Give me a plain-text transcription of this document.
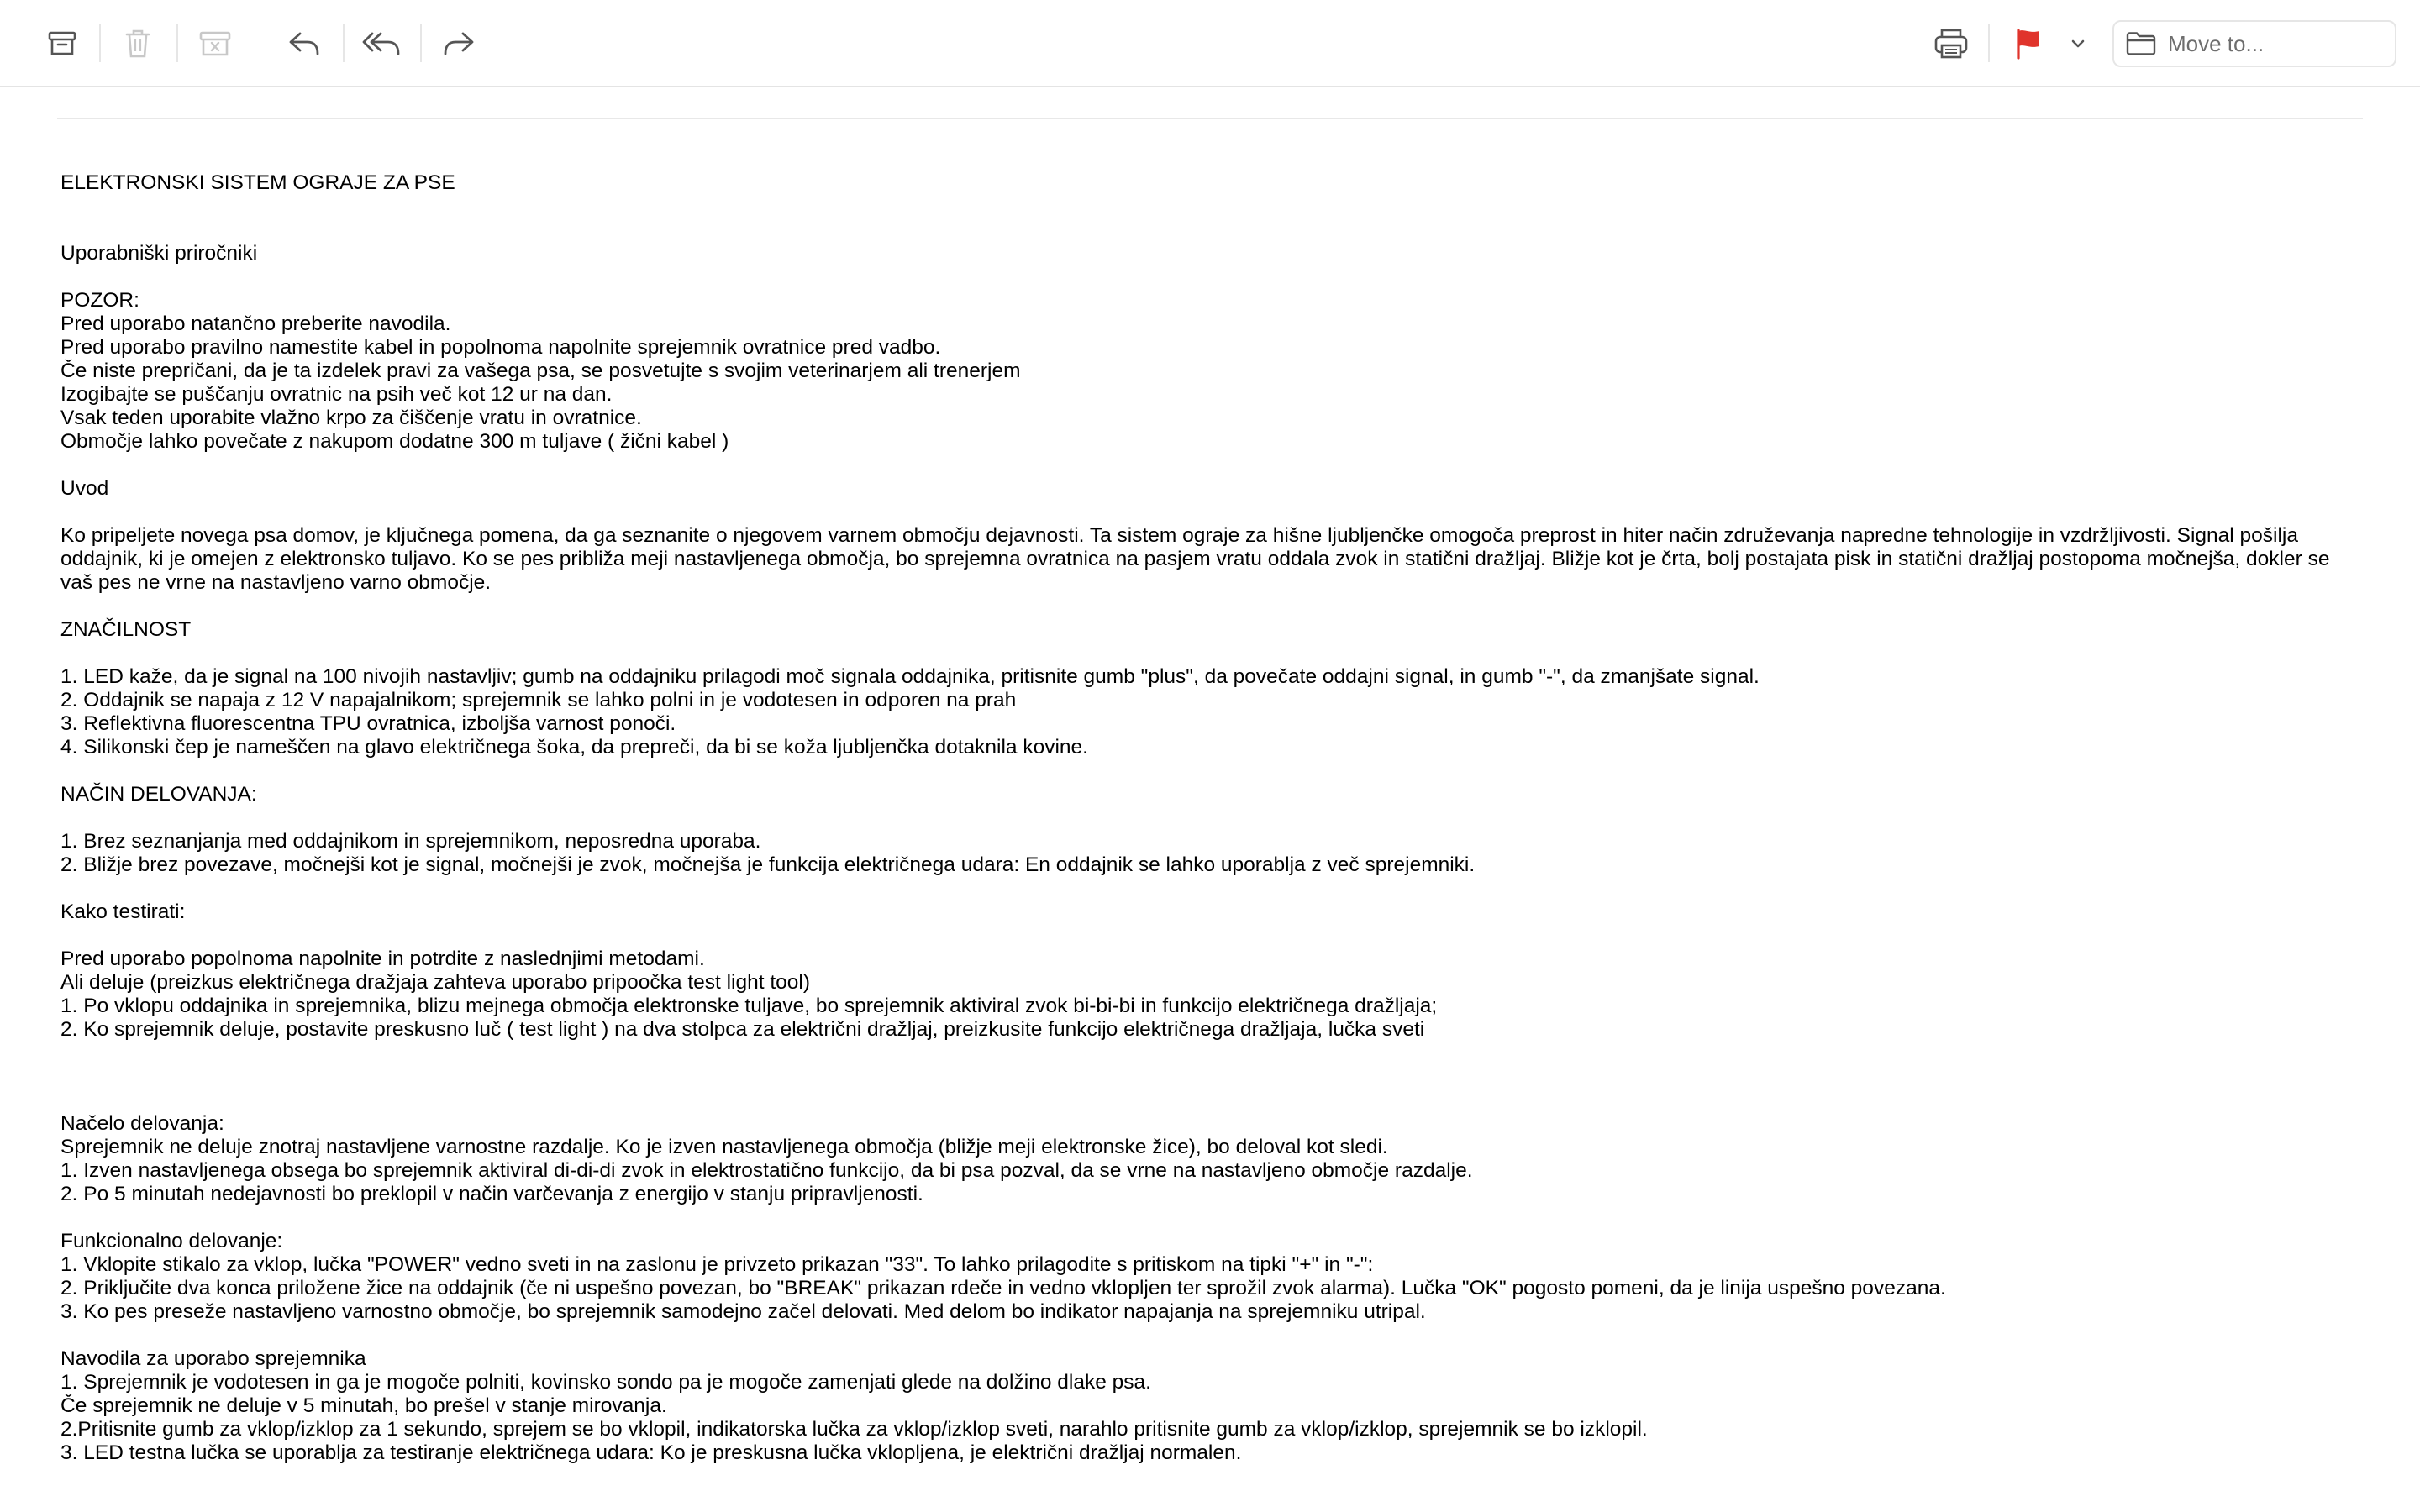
Move to...
ELEKTRONSKI SISTEM OGRAJE ZA PSE
Uporabniški priročniki
POZOR:
Pred uporabo natančno preberite navodila.
Pred uporabo pravilno namestite kabel in popolnoma napolnite sprejemnik ovratnice pred vadbo.
Če niste prepričani, da je ta izdelek pravi za vašega psa, se posvetujte s svojim veterinarjem ali trenerjem
Izogibajte se puščanju ovratnic na psih več kot 12 ur na dan.
Vsak teden uporabite vlažno krpo za čiščenje vratu in ovratnice.
Območje lahko povečate z nakupom dodatne 300 m tuljave ( žični kabel )
Uvod
Ko pripeljete novega psa domov, je ključnega pomena, da ga seznanite o njegovem varnem območju dejavnosti. Ta sistem ograje za hišne ljubljenčke omogoča preprost in hiter način združevanja napredne tehnologije in vzdržljivosti. Signal pošilja oddajnik, ki je omejen z elektronsko tuljavo. Ko se pes približa meji nastavljenega območja, bo sprejemna ovratnica na pasjem vratu oddala zvok in statični dražljaj. Bližje kot je črta, bolj postajata pisk in statični dražljaj postopoma močnejša, dokler se vaš pes ne vrne na nastavljeno varno območje.
ZNAČILNOST
1. LED kaže, da je signal na 100 nivojih nastavljiv; gumb na oddajniku prilagodi moč signala oddajnika, pritisnite gumb "plus", da povečate oddajni signal, in gumb "-", da zmanjšate signal.
2. Oddajnik se napaja z 12 V napajalnikom; sprejemnik se lahko polni in je vodotesen in odporen na prah
3. Reflektivna fluorescentna TPU ovratnica, izboljša varnost ponoči.
4. Silikonski čep je nameščen na glavo električnega šoka, da prepreči, da bi se koža ljubljenčka dotaknila kovine.
NAČIN DELOVANJA:
1. Brez seznanjanja med oddajnikom in sprejemnikom, neposredna uporaba.
2. Bližje brez povezave, močnejši kot je signal, močnejši je zvok, močnejša je funkcija električnega udara: En oddajnik se lahko uporablja z več sprejemniki.
Kako testirati:
Pred uporabo popolnoma napolnite in potrdite z naslednjimi metodami.
Ali deluje (preizkus električnega dražjaja zahteva uporabo pripoočka test light tool)
1. Po vklopu oddajnika in sprejemnika, blizu mejnega območja elektronske tuljave, bo sprejemnik aktiviral zvok bi-bi-bi in funkcijo električnega dražljaja;
2. Ko sprejemnik deluje, postavite preskusno luč ( test light ) na dva stolpca za električni dražljaj, preizkusite funkcijo električnega dražljaja, lučka sveti
Načelo delovanja:
Sprejemnik ne deluje znotraj nastavljene varnostne razdalje. Ko je izven nastavljenega območja (bližje meji elektronske žice), bo deloval kot sledi.
1. Izven nastavljenega obsega bo sprejemnik aktiviral di-di-di zvok in elektrostatično funkcijo, da bi psa pozval, da se vrne na nastavljeno območje razdalje.
2. Po 5 minutah nedejavnosti bo preklopil v način varčevanja z energijo v stanju pripravljenosti.
Funkcionalno delovanje:
1. Vklopite stikalo za vklop, lučka "POWER" vedno sveti in na zaslonu je privzeto prikazan "33". To lahko prilagodite s pritiskom na tipki "+" in "-":
2. Priključite dva konca priložene žice na oddajnik (če ni uspešno povezan, bo "BREAK" prikazan rdeče in vedno vklopljen ter sprožil zvok alarma). Lučka "OK" pogosto pomeni, da je linija uspešno povezana.
3. Ko pes preseže nastavljeno varnostno območje, bo sprejemnik samodejno začel delovati. Med delom bo indikator napajanja na sprejemniku utripal.
Navodila za uporabo sprejemnika
1. Sprejemnik je vodotesen in ga je mogoče polniti, kovinsko sondo pa je mogoče zamenjati glede na dolžino dlake psa.
Če sprejemnik ne deluje v 5 minutah, bo prešel v stanje mirovanja.
2.Pritisnite gumb za vklop/izklop za 1 sekundo, sprejem se bo vklopil, indikatorska lučka za vklop/izklop sveti, narahlo pritisnite gumb za vklop/izklop, sprejemnik se bo izklopil.
3. LED testna lučka se uporablja za testiranje električnega udara: Ko je preskusna lučka vklopljena, je električni dražljaj normalen.
